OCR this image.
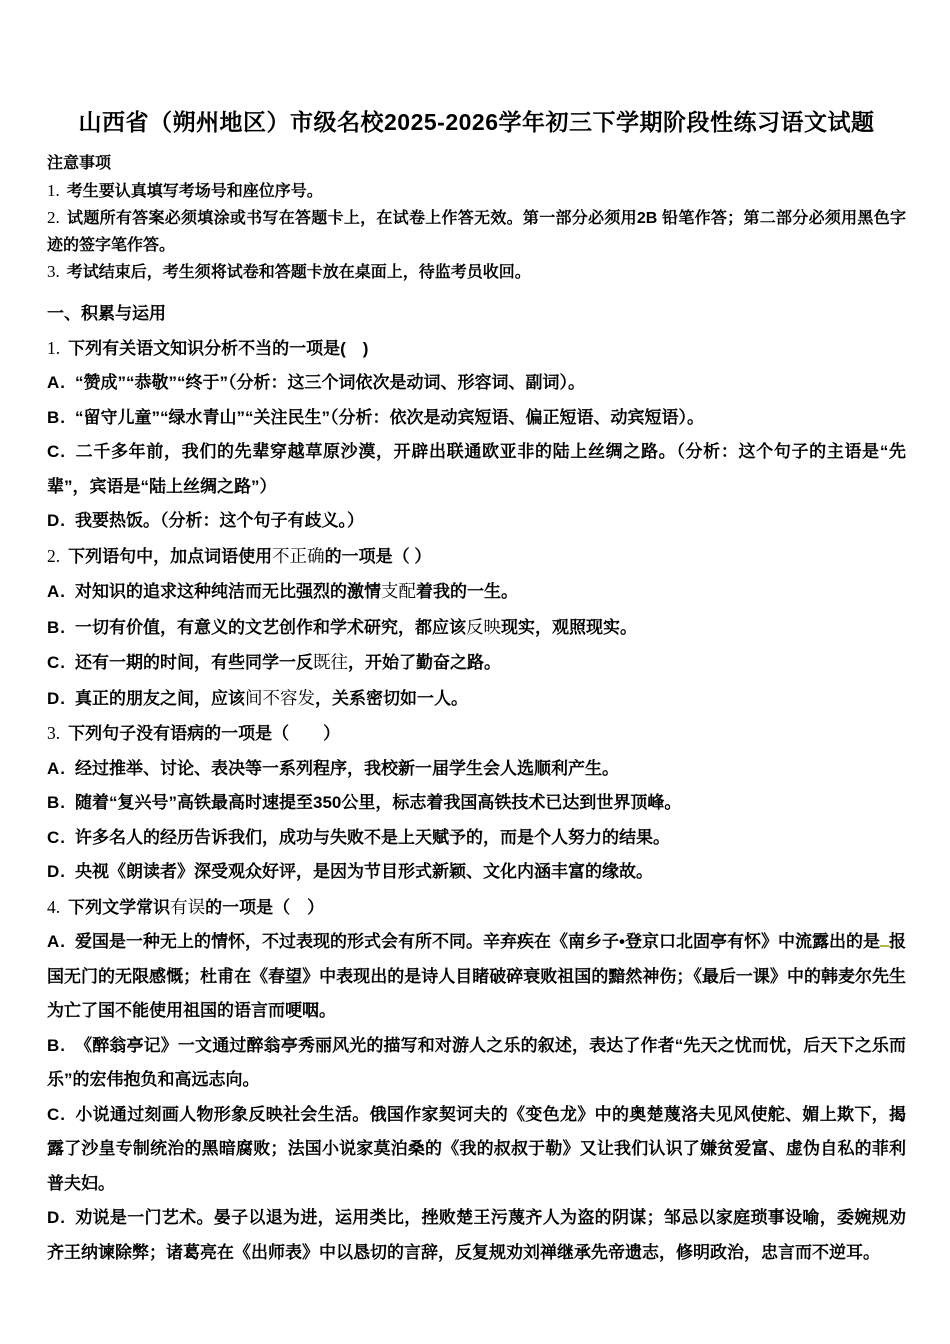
山西省（朔州地区）市级名校2025-2026学年初三下学期阶段性练习语文试题

注意事项

1. 考生要认真填写考场号和座位序号。

2. 试题所有答案必须填涂或书写在答题卡上，在试卷上作答无效。第一部分必须用2B 铅笔作答；第二部分必须用黑色字迹的签字笔作答。

3. 考试结束后，考生须将试卷和答题卡放在桌面上，待监考员收回。

一、积累与运用

1. 下列有关语文知识分析不当的一项是(　)

A. “赞成”“恭敬”“终于”（分析：这三个词依次是动词、形容词、副词）。

B. “留守儿童”“绿水青山”“关注民生”（分析：依次是动宾短语、偏正短语、动宾短语）。

C. 二千多年前，我们的先辈穿越草原沙漠，开辟出联通欧亚非的陆上丝绸之路。（分析：这个句子的主语是“先辈”，宾语是“陆上丝绸之路”）

D. 我要热饭。（分析：这个句子有歧义。）

2. 下列语句中，加点词语使用不正确的一项是（ ）

A. 对知识的追求这种纯洁而无比强烈的激情支配着我的一生。

B. 一切有价值，有意义的文艺创作和学术研究，都应该反映现实，观照现实。

C. 还有一期的时间，有些同学一反既往，开始了勤奋之路。

D. 真正的朋友之间，应该间不容发，关系密切如一人。

3. 下列句子没有语病的一项是（　　）

A. 经过推举、讨论、表决等一系列程序，我校新一届学生会人选顺利产生。

B. 随着“复兴号”高铁最高时速提至350公里，标志着我国高铁技术已达到世界顶峰。

C. 许多名人的经历告诉我们，成功与失败不是上天赋予的，而是个人努力的结果。

D. 央视《朗读者》深受观众好评，是因为节目形式新颖、文化内涵丰富的缘故。

4. 下列文学常识有误的一项是（　）

A. 爱国是一种无上的情怀，不过表现的形式会有所不同。辛弃疾在《南乡子•登京口北固亭有怀》中流露出的是 报国无门的无限感慨；杜甫在《春望》中表现出的是诗人目睹破碎衰败祖国的黯然神伤；《最后一课》中的韩麦尔先生为亡了国不能使用祖国的语言而哽咽。

B. 《醉翁亭记》一文通过醉翁亭秀丽风光的描写和对游人之乐的叙述，表达了作者“先天之忧而忧，后天下之乐而乐”的宏伟抱负和高远志向。

C. 小说通过刻画人物形象反映社会生活。俄国作家契诃夫的《变色龙》中的奥楚蔑洛夫见风使舵、媚上欺下，揭露了沙皇专制统治的黑暗腐败；法国小说家莫泊桑的《我的叔叔于勒》又让我们认识了嫌贫爱富、虚伪自私的菲利普夫妇。

D. 劝说是一门艺术。晏子以退为进，运用类比，挫败楚王污蔑齐人为盗的阴谋；邹忌以家庭琐事设喻，委婉规劝齐王纳谏除弊；诸葛亮在《出师表》中以恳切的言辞，反复规劝刘禅继承先帝遗志，修明政治，忠言而不逆耳。
